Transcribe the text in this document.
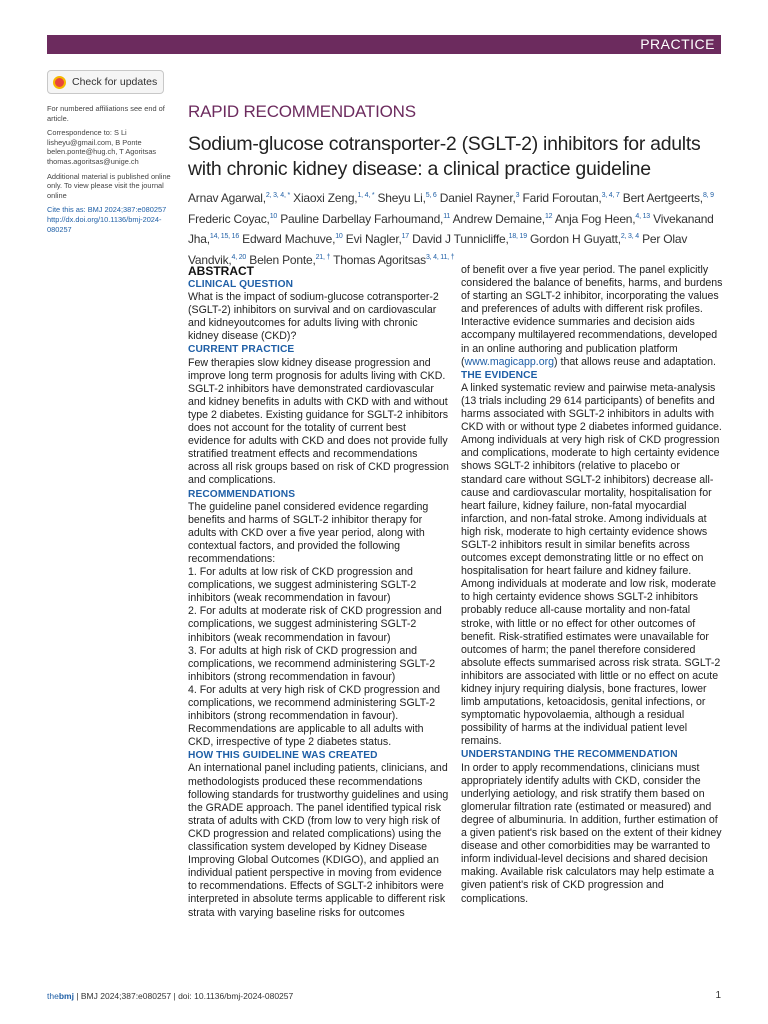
PRACTICE
Check for updates

For numbered affiliations see end of article.

Correspondence to: S Li lisheyu@gmail.com, B Ponte belen.ponte@hug.ch, T Agoritsas thomas.agoritsas@unige.ch

Additional material is published online only. To view please visit the journal online

Cite this as: BMJ 2024;387:e080257

http://dx.doi.org/10.1136/bmj-2024-080257

RAPID RECOMMENDATIONS
Sodium-glucose cotransporter-2 (SGLT-2) inhibitors for adults with chronic kidney disease: a clinical practice guideline
Arnav Agarwal,$^{2, 3, 4, *}$ Xiaoxi Zeng,$^{1, 4, *}$ Sheyu Li,$^{5, 6}$ Daniel Rayner,$^3$ Farid Foroutan,$^{3, 4, 7}$ Bert Aertgeerts,$^{8, 9}$ Frederic Coyac,$^{10}$ Pauline Darbellay Farhoumand,$^{11}$ Andrew Demaine,$^{12}$ Anja Fog Heen,$^{4, 13}$ Vivekanand Jha,$^{14, 15, 16}$ Edward Machuve,$^{10}$ Evi Nagler,$^{17}$ David J Tunnicliffe,$^{18, 19}$ Gordon H Guyatt,$^{2, 3, 4}$ Per Olav Vandvik,$^{4, 20}$ Belen Ponte,$^{21, \dagger}$ Thomas Agoritsas$^{3, 4, 11, \dagger}$

ABSTRACT

CLINICAL QUESTION

What is the impact of sodium-glucose cotransporter-2 (SGLT-2) inhibitors on survival and on cardiovascular and kidneyoutcomes for adults living with chronic kidney disease (CKD)?

CURRENT PRACTICE

Few therapies slow kidney disease progression and improve long term prognosis for adults living with CKD. SGLT-2 inhibitors have demonstrated cardiovascular and kidney benefits in adults with CKD with and without type 2 diabetes. Existing guidance for SGLT-2 inhibitors does not account for the totality of current best evidence for adults with CKD and does not provide fully stratified treatment effects and recommendations across all risk groups based on risk of CKD progression and complications.

RECOMMENDATIONS

The guideline panel considered evidence regarding benefits and harms of SGLT-2 inhibitor therapy for adults with CKD over a five year period, along with contextual factors, and provided the following recommendations:

1. For adults at low risk of CKD progression and complications, we suggest administering SGLT-2 inhibitors (weak recommendation in favour)

2. For adults at moderate risk of CKD progression and complications, we suggest administering SGLT-2 inhibitors (weak recommendation in favour)

3. For adults at high risk of CKD progression and complications, we recommend administering SGLT-2 inhibitors (strong recommendation in favour)

4. For adults at very high risk of CKD progression and complications, we recommend administering SGLT-2 inhibitors (strong recommendation in favour).

Recommendations are applicable to all adults with CKD, irrespective of type 2 diabetes status.

HOW THIS GUIDELINE WAS CREATED

An international panel including patients, clinicians, and methodologists produced these recommendations following standards for trustworthy guidelines and using the GRADE approach. The panel identified typical risk strata of adults with CKD (from low to very high risk of CKD progression and related complications) using the classification system developed by Kidney Disease Improving Global Outcomes (KDIGO), and applied an individual patient perspective in moving from evidence to recommendations. Effects of SGLT-2 inhibitors were interpreted in absolute terms applicable to different risk strata with varying baseline risks for outcomes

of benefit over a five year period. The panel explicitly considered the balance of benefits, harms, and burdens of starting an SGLT-2 inhibitor, incorporating the values and preferences of adults with different risk profiles. Interactive evidence summaries and decision aids accompany multilayered recommendations, developed in an online authoring and publication platform (www.magicapp.org) that allows reuse and adaptation.

THE EVIDENCE

A linked systematic review and pairwise meta-analysis (13 trials including 29 614 participants) of benefits and harms associated with SGLT-2 inhibitors in adults with CKD with or without type 2 diabetes informed guidance. Among individuals at very high risk of CKD progression and complications, moderate to high certainty evidence shows SGLT-2 inhibitors (relative to placebo or standard care without SGLT-2 inhibitors) decrease all-cause and cardiovascular mortality, hospitalisation for heart failure, kidney failure, non-fatal myocardial infarction, and non-fatal stroke. Among individuals at high risk, moderate to high certainty evidence shows SGLT-2 inhibitors result in similar benefits across outcomes except demonstrating little or no effect on hospitalisation for heart failure and kidney failure. Among individuals at moderate and low risk, moderate to high certainty evidence shows SGLT-2 inhibitors probably reduce all-cause mortality and non-fatal stroke, with little or no effect for other outcomes of benefit. Risk-stratified estimates were unavailable for outcomes of harm; the panel therefore considered absolute effects summarised across risk strata. SGLT-2 inhibitors are associated with little or no effect on acute kidney injury requiring dialysis, bone fractures, lower limb amputations, ketoacidosis, genital infections, or symptomatic hypovolaemia, although a residual possibility of harms at the individual patient level remains.

UNDERSTANDING THE RECOMMENDATION

In order to apply recommendations, clinicians must appropriately identify adults with CKD, consider the underlying aetiology, and risk stratify them based on glomerular filtration rate (estimated or measured) and degree of albuminuria. In addition, further estimation of a given patient's risk based on the extent of their kidney disease and other comorbidities may be warranted to inform individual-level decisions and shared decision making. Available risk calculators may help estimate a given patient's risk of CKD progression and complications.

thebmj | BMJ 2024;387:e080257 | doi: 10.1136/bmj-2024-080257	1
